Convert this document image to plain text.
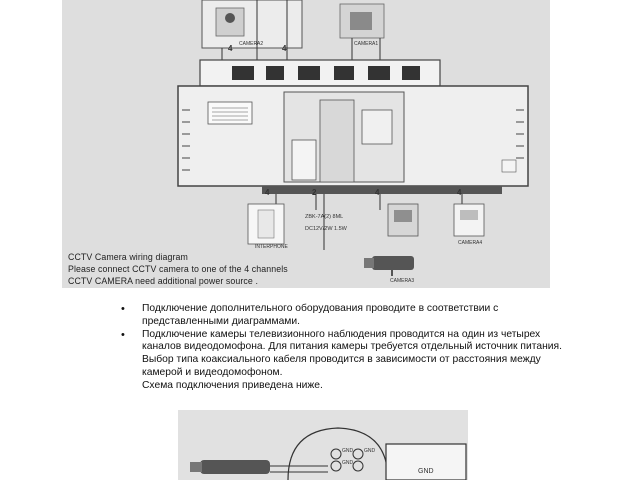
CAMERA2	CAMERA1
INTERPHONE
CAMERA3
CAMERA4
4	4
4	2	4	4
ZBK-7A(2) 8ML
DC12V/2W 1.5W
CCTV Camera wiring diagram
Please connect CCTV camera to one of the 4 channels
CCTV CAMERA need additional power source .
• Подключение дополнительного оборудования проводите в соответствии с представленными диаграммами.
• Подключение камеры телевизионного наблюдения проводится на один из четырех каналов видеодомофона. Для питания камеры требуется отдельный источник питания. Выбор типа коаксиального кабеля проводится в зависимости от расстояния между камерой и видеодомофоном.
Схема подключения приведена ниже.
GND
GND
GND
GND
